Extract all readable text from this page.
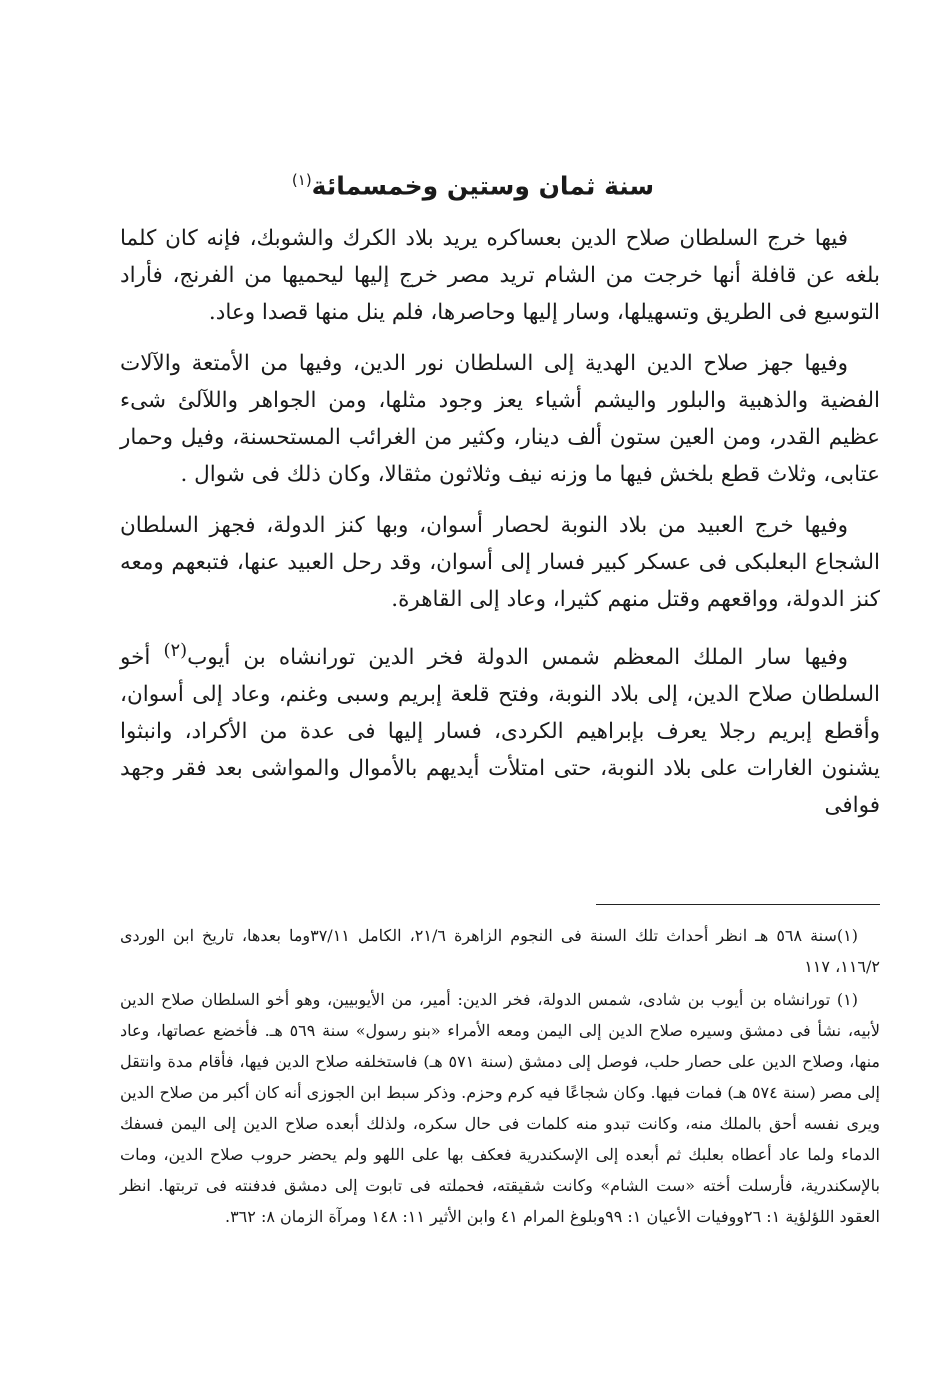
سنة ثمان وستين وخمسمائة$^{(١)}$

فيها خرج السلطان صلاح الدين بعساكره يريد بلاد الكرك والشوبك، فإنه كان كلما بلغه عن قافلة أنها خرجت من الشام تريد مصر خرج إليها ليحميها من الفرنج، فأراد التوسيع فى الطريق وتسهيلها، وسار إليها وحاصرها، فلم ينل منها قصدا وعاد.

وفيها جهز صلاح الدين الهدية إلى السلطان نور الدين، وفيها من الأمتعة والآلات الفضية والذهبية والبلور واليشم أشياء يعز وجود مثلها، ومن الجواهر واللآلئ شىء عظيم القدر، ومن العين ستون ألف دينار، وكثير من الغرائب المستحسنة، وفيل وحمار عتابى، وثلاث قطع بلخش فيها ما وزنه نيف وثلاثون مثقالا، وكان ذلك فى شوال .

وفيها خرج العبيد من بلاد النوبة لحصار أسوان، وبها كنز الدولة، فجهز السلطان الشجاع البعلبكى فى عسكر كبير فسار إلى أسوان، وقد رحل العبيد عنها، فتبعهم ومعه كنز الدولة، وواقعهم وقتل منهم كثيرا، وعاد إلى القاهرة.

وفيها سار الملك المعظم شمس الدولة فخر الدين تورانشاه بن أيوب$^{(٢)}$ أخو السلطان صلاح الدين، إلى بلاد النوبة، وفتح قلعة إبريم وسبى وغنم، وعاد إلى أسوان، وأقطع إبريم رجلا يعرف بإبراهيم الكردى، فسار إليها فى عدة من الأكراد، وانبثوا يشنون الغارات على بلاد النوبة، حتى امتلأت أيديهم بالأموال والمواشى بعد فقر وجهد فوافى

(١)سنة ٥٦٨ هـ انظر أحداث تلك السنة فى النجوم الزاهرة ٢١/٦، الكامل ٣٧/١١وما بعدها، تاريخ ابن الوردى ١١٦/٢، ١١٧

(١) تورانشاه بن أيوب بن شادى، شمس الدولة، فخر الدين: أمير، من الأيوبيين، وهو أخو السلطان صلاح الدين لأبيه، نشأ فى دمشق وسيره صلاح الدين إلى اليمن ومعه الأمراء «بنو رسول» سنة ٥٦٩ هـ. فأخضع عصاتها، وعاد منها، وصلاح الدين على حصار حلب، فوصل إلى دمشق (سنة ٥٧١ هـ) فاستخلفه صلاح الدين فيها، فأقام مدة وانتقل إلى مصر (سنة ٥٧٤ هـ) فمات فيها. وكان شجاعًا فيه كرم وحزم. وذكر سبط ابن الجوزى أنه كان أكبر من صلاح الدين ويرى نفسه أحق بالملك منه، وكانت تبدو منه كلمات فى حال سكره، ولذلك أبعده صلاح الدين إلى اليمن فسفك الدماء ولما عاد أعطاه بعلبك ثم أبعده إلى الإسكندرية فعكف بها على اللهو ولم يحضر حروب صلاح الدين، ومات بالإسكندرية، فأرسلت أخته «ست الشام» وكانت شقيقته، فحملته فى تابوت إلى دمشق فدفنته فى تربتها. انظر العقود اللؤلؤية ١: ٢٦ووفيات الأعيان ١: ٩٩وبلوغ المرام ٤١ وابن الأثير ١١: ١٤٨ ومرآة الزمان ٨: ٣٦٢.
